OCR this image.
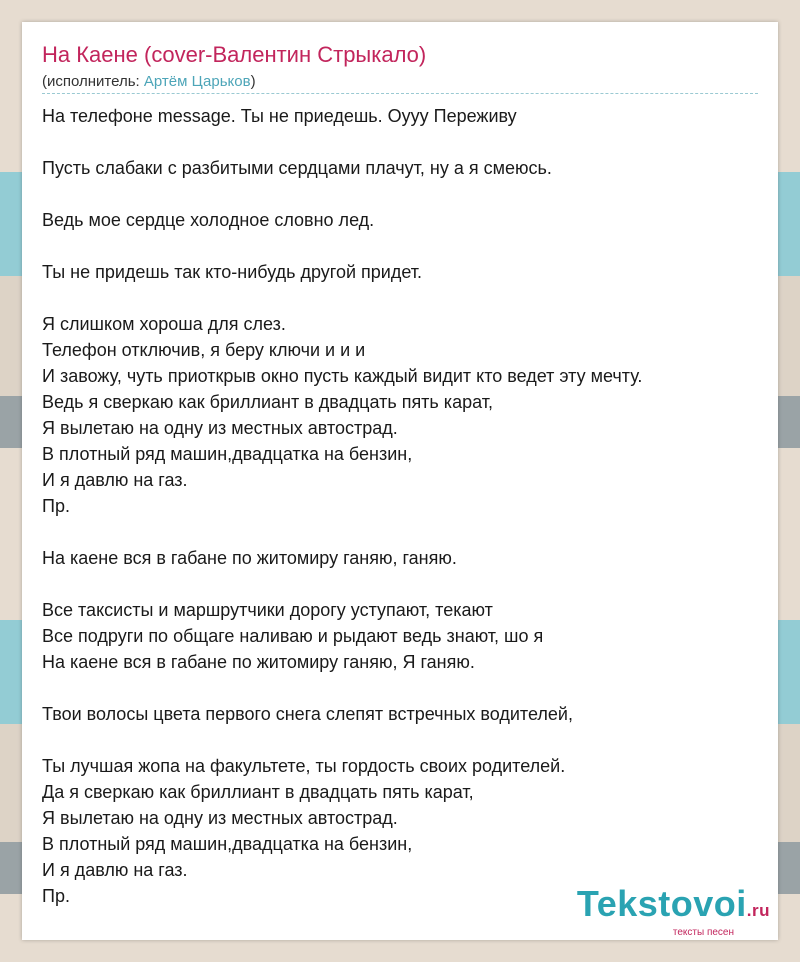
На Каене (cover-Валентин Стрыкало)
(исполнитель: Артём Царьков)
На телефоне message. Ты не приедешь. Оууу Переживу
Пусть слабаки с разбитыми сердцами плачут, ну а я смеюсь.
Ведь мое сердце холодное словно лед.
Ты не придешь так кто-нибудь другой придет.
Я слишком хороша для слез.
Телефон отключив, я беру ключи и и и
И завожу, чуть приоткрыв окно пусть каждый видит кто ведет эту мечту.
Ведь я сверкаю как бриллиант в двадцать пять карат,
Я вылетаю на одну из местных автострад.
В плотный ряд машин,двадцатка на бензин,
И я давлю на газ.
Пр.
На каене вся в габане по житомиру ганяю, ганяю.
Все таксисты и маршрутчики дорогу уступают, текают
Все подруги по общаге наливаю и рыдают ведь знают, шо я
На каене вся в габане по житомиру ганяю, Я ганяю.
Твои волосы цвета первого снега слепят встречных водителей,
Ты лучшая жопа на факультете, ты гордость своих родителей.
Да я сверкаю как бриллиант в двадцать пять карат,
Я вылетаю на одну из местных автострад.
В плотный ряд машин,двадцатка на бензин,
И я давлю на газ.
Пр.	Tekstovoi.ru
тексты песен
